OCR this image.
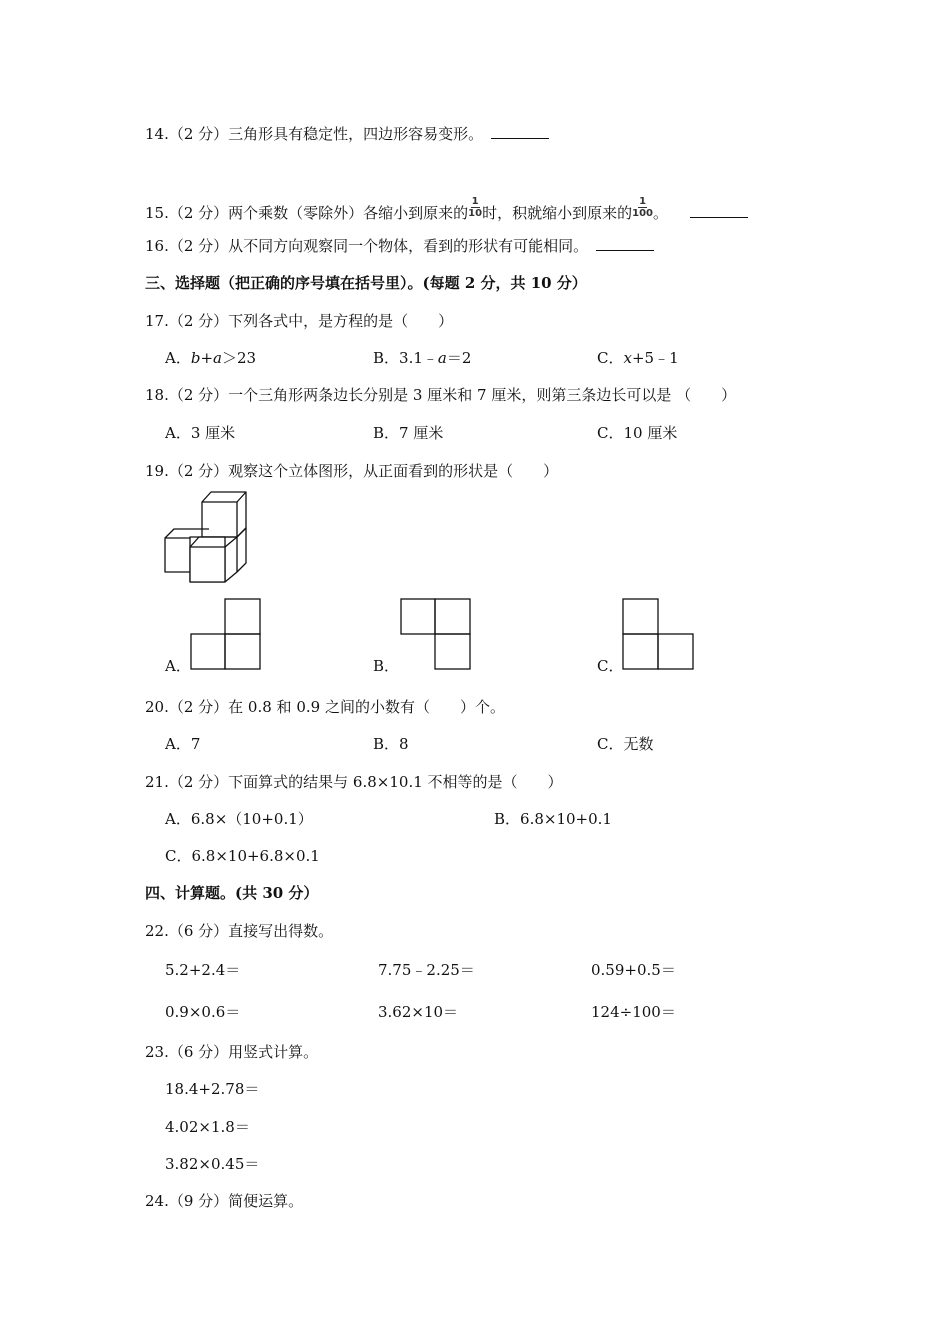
14.（2 分）三角形具有稳定性，四边形容易变形。
15.（2 分）两个乘数（零除外）各缩小到原来的 $\frac{1}{10}$ 时，积就缩小到原来的 $\frac{1}{100}$ 。
16.（2 分）从不同方向观察同一个物体，看到的形状有可能相同。
三、选择题（把正确的序号填在括号里）。(每题 2 分，共 10 分）
17.（2 分）下列各式中，是方程的是（　　）
A．b+a＞23	B．3.1﹣a＝2	C．x+5﹣1
18.（2 分）一个三角形两条边长分别是 3 厘米和 7 厘米，则第三条边长可以是 （　　）
A．3 厘米	B．7 厘米	C．10 厘米
19.（2 分）观察这个立体图形，从正面看到的形状是（　　）
A．	B．	C．
20.（2 分）在 0.8 和 0.9 之间的小数有（　　）个。
A．7	B．8	C．无数
21.（2 分）下面算式的结果与 6.8×10.1 不相等的是（　　）
A．6.8×（10+0.1）	B．6.8×10+0.1
C．6.8×10+6.8×0.1
四、计算题。(共 30 分）
22.（6 分）直接写出得数。
5.2+2.4＝	7.75﹣2.25＝	0.59+0.5＝
0.9×0.6＝	3.62×10＝	124÷100＝
23.（6 分）用竖式计算。
18.4+2.78＝
4.02×1.8＝
3.82×0.45＝
24.（9 分）简便运算。
